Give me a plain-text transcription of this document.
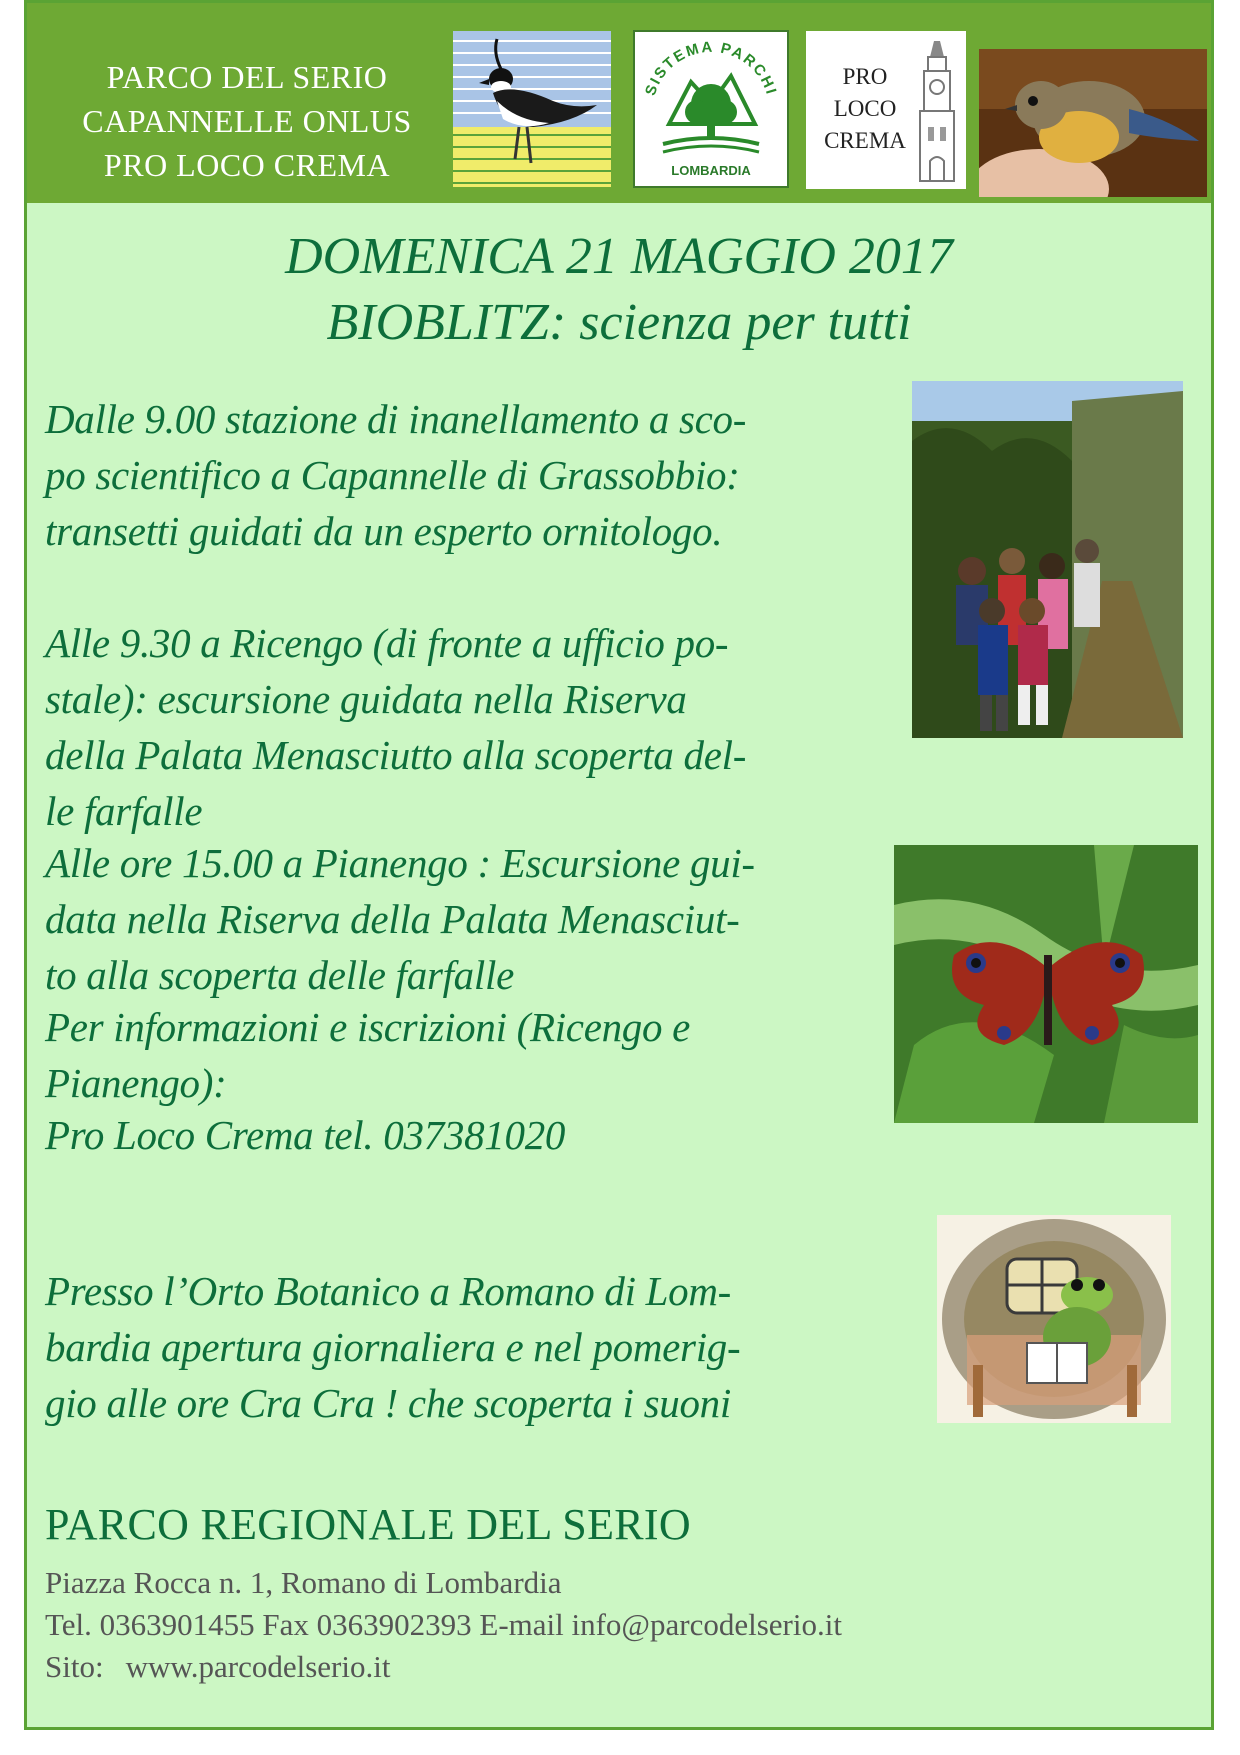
PARCO DEL SERIO
CAPANNELLE ONLUS
PRO LOCO CREMA
SISTEMA PARCHI
LOMBARDIA
PRO
LOCO
CREMA
DOMENICA 21 MAGGIO 2017
BIOBLITZ: scienza per tutti
Dalle 9.00 stazione di inanellamento a sco-
po scientifico a Capannelle di Grassobbio:
transetti guidati da un esperto ornitologo.
Alle 9.30 a Ricengo (di fronte a ufficio po-
stale): escursione guidata nella Riserva
della Palata Menasciutto alla scoperta del-
le farfalle
Alle ore 15.00 a Pianengo : Escursione gui-
data nella Riserva della Palata Menasciut-
to alla scoperta delle farfalle
Per informazioni e iscrizioni (Ricengo e
Pianengo):
Pro Loco Crema tel. 037381020
Presso l’Orto Botanico a Romano di Lom-
bardia apertura giornaliera e nel pomerig-
gio alle ore Cra Cra ! che scoperta i suoni
PARCO REGIONALE DEL SERIO
Piazza Rocca n. 1, Romano di Lombardia
Tel. 0363901455 Fax 0363902393 E-mail info@parcodelserio.it
Sito: www.parcodelserio.it
